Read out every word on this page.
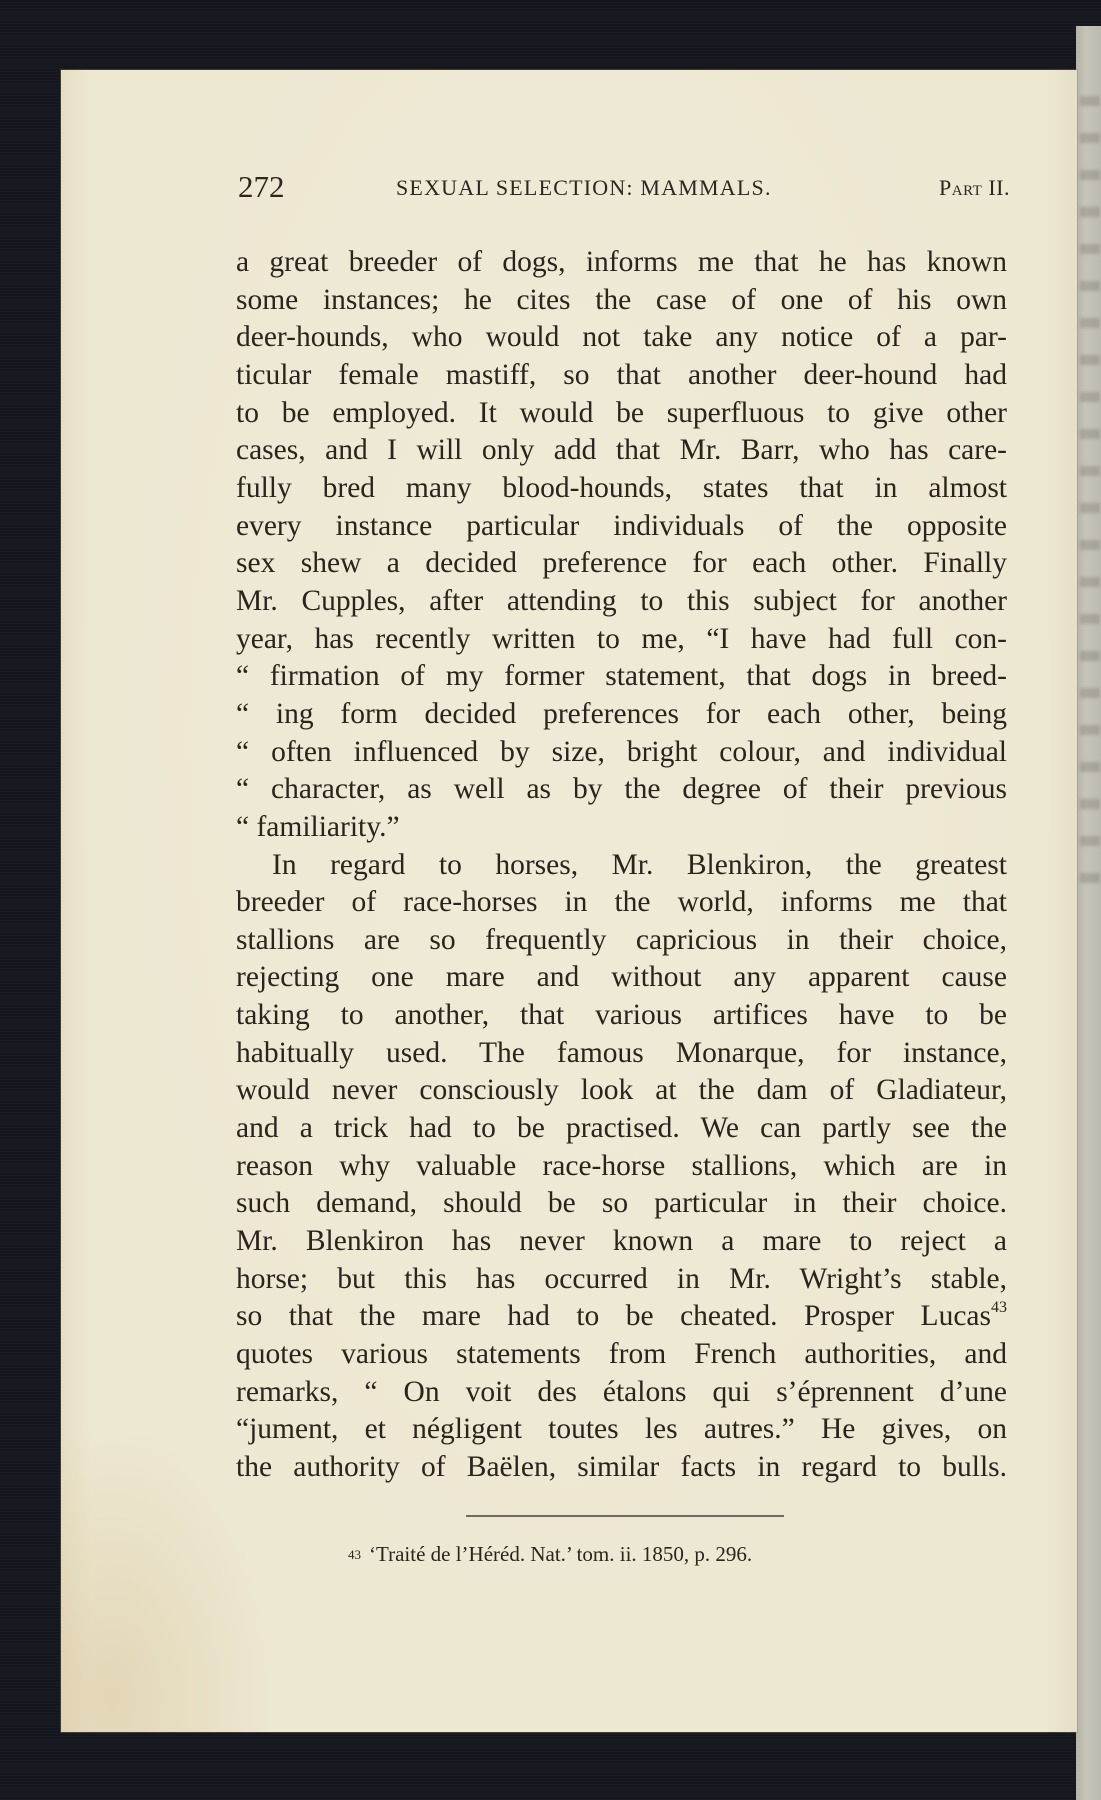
272	SEXUAL SELECTION: MAMMALS.	Part II.
a great breeder of dogs, informs me that he has known
some instances; he cites the case of one of his own
deer-hounds, who would not take any notice of a par-
ticular female mastiff, so that another deer-hound had
to be employed. It would be superfluous to give other
cases, and I will only add that Mr. Barr, who has care-
fully bred many blood-hounds, states that in almost
every instance particular individuals of the opposite
sex shew a decided preference for each other. Finally
Mr. Cupples, after attending to this subject for another
year, has recently written to me, “I have had full con-
“ firmation of my former statement, that dogs in breed-
“ ing form decided preferences for each other, being
“ often influenced by size, bright colour, and individual
“ character, as well as by the degree of their previous
“ familiarity.”
In regard to horses, Mr. Blenkiron, the greatest
breeder of race-horses in the world, informs me that
stallions are so frequently capricious in their choice,
rejecting one mare and without any apparent cause
taking to another, that various artifices have to be
habitually used. The famous Monarque, for instance,
would never consciously look at the dam of Gladiateur,
and a trick had to be practised. We can partly see the
reason why valuable race-horse stallions, which are in
such demand, should be so particular in their choice.
Mr. Blenkiron has never known a mare to reject a
horse; but this has occurred in Mr. Wright’s stable,
so that the mare had to be cheated. Prosper Lucas$^{43}$
quotes various statements from French authorities, and
remarks, “ On voit des étalons qui s’éprennent d’une
“jument, et négligent toutes les autres.” He gives, on
the authority of Baëlen, similar facts in regard to bulls.
$^{43}$ ‘Traité de l’Héréd. Nat.’ tom. ii. 1850, p. 296.
